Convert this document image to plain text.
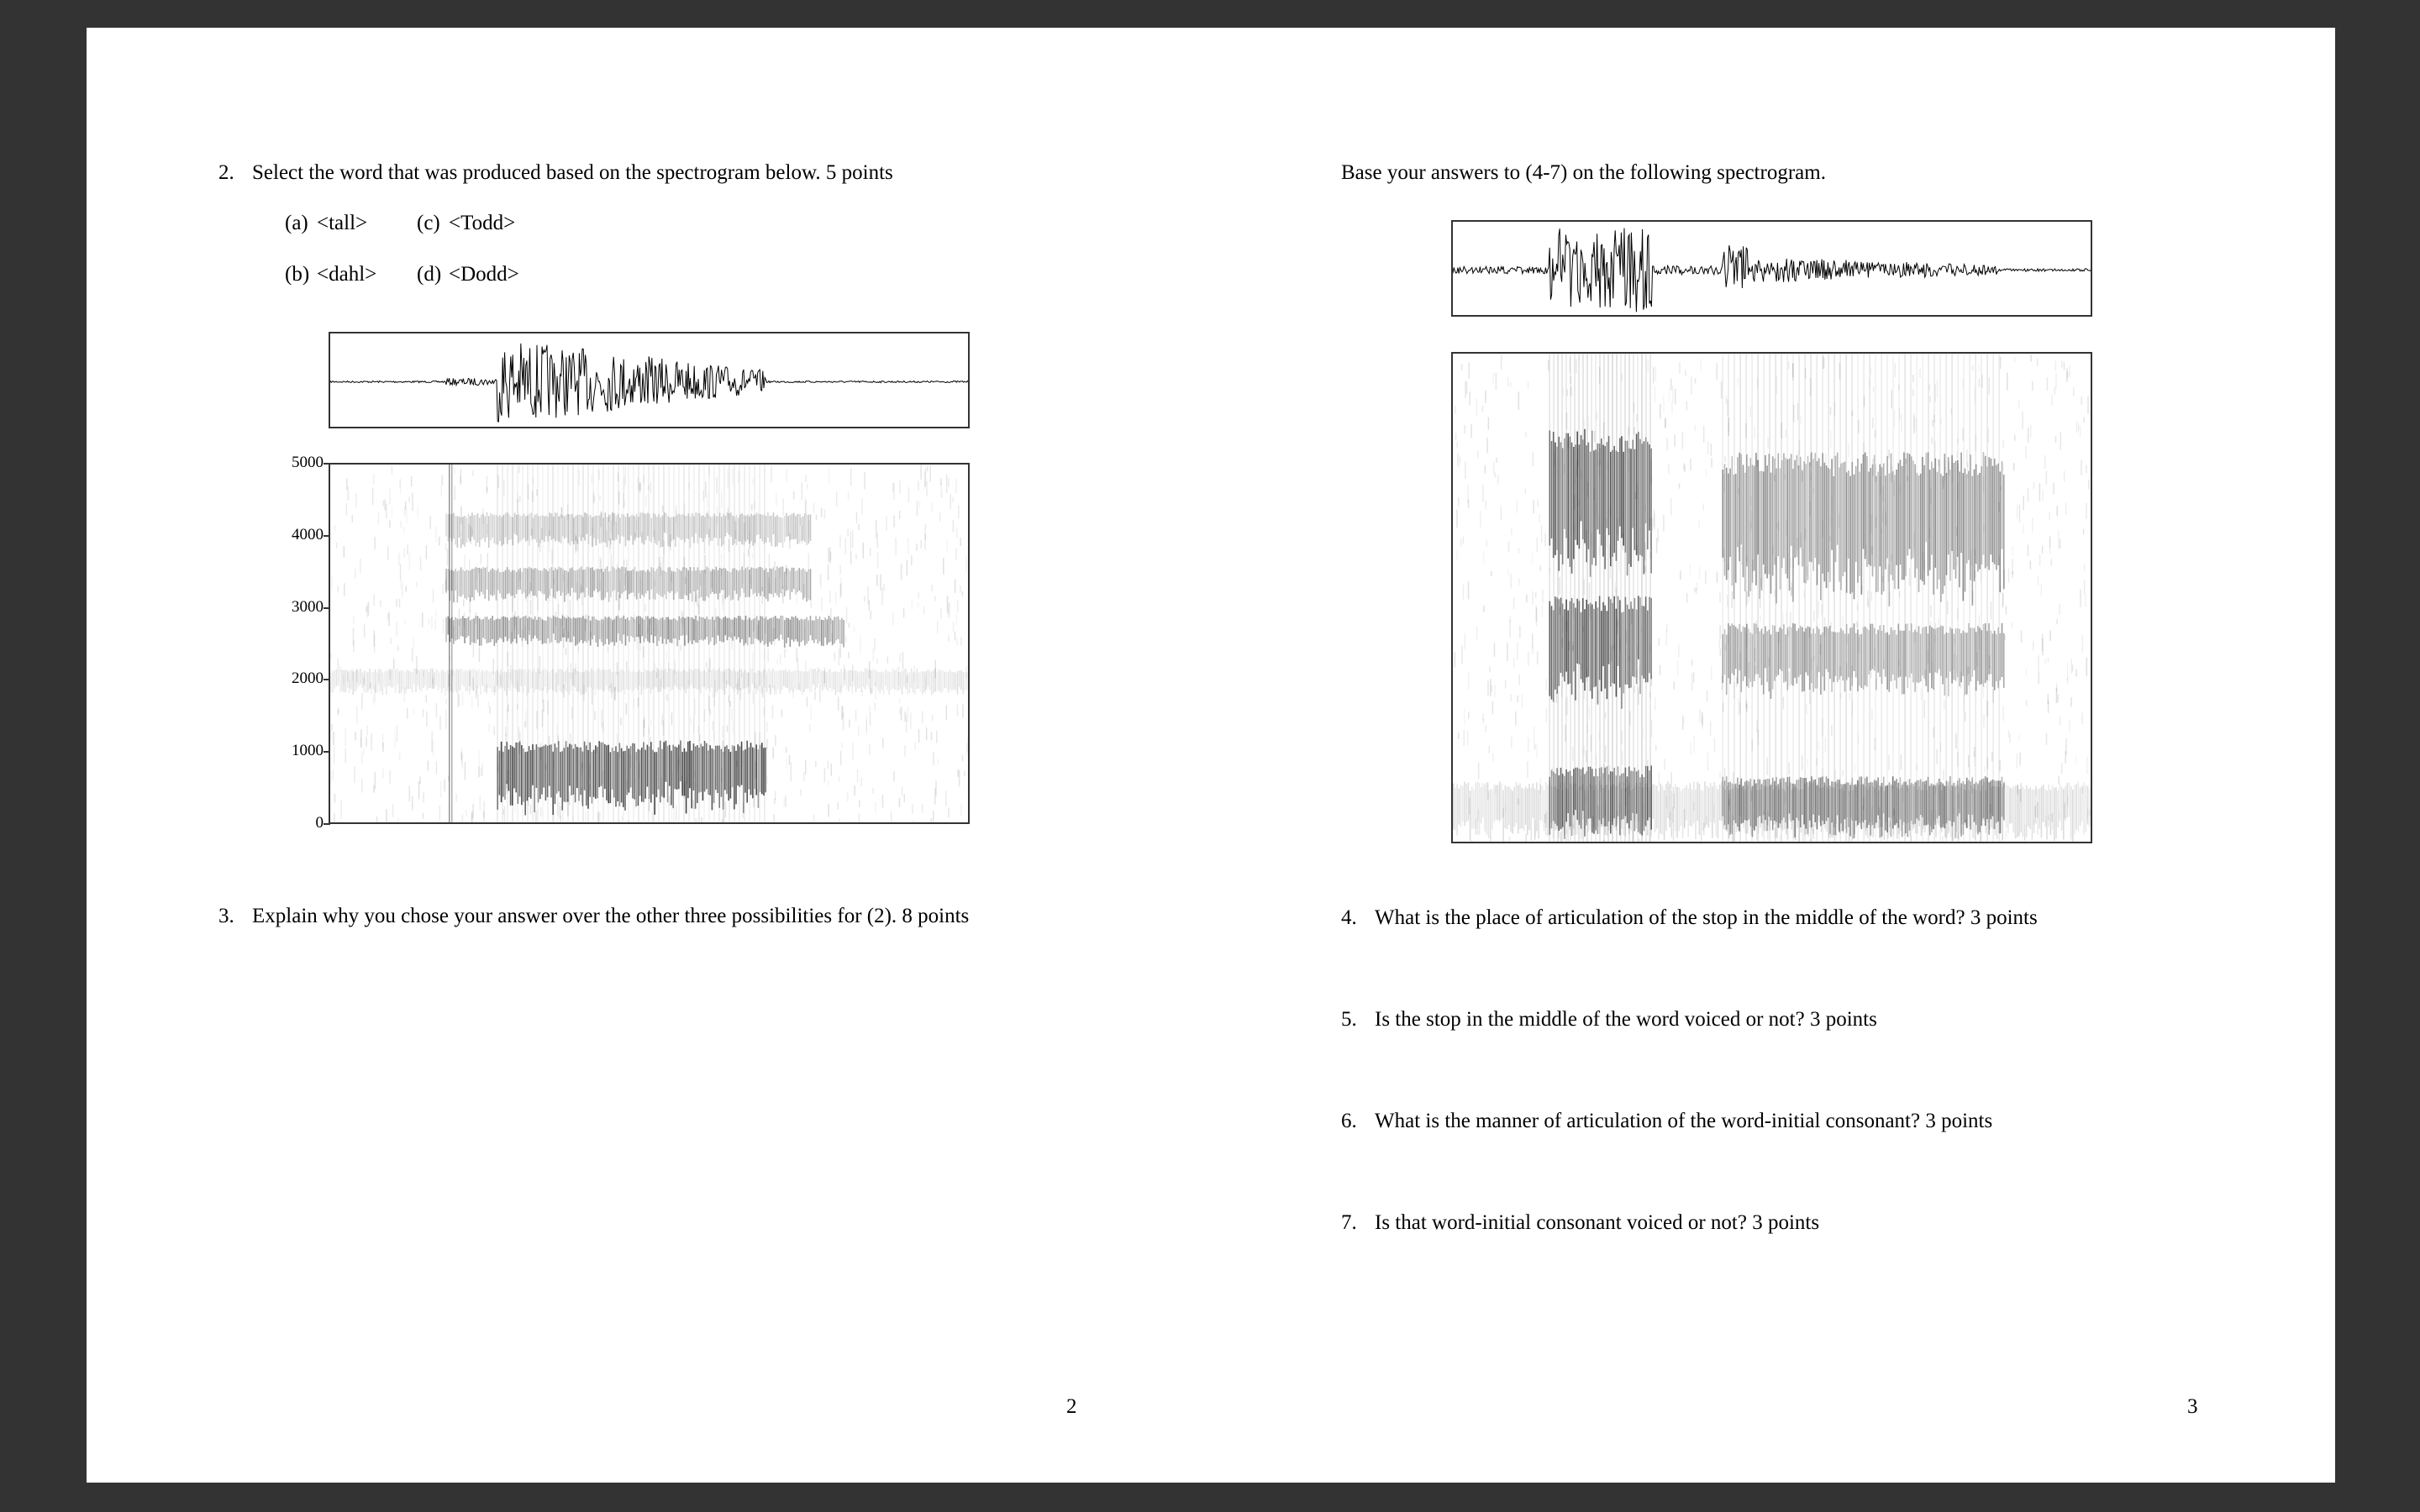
2. Select the word that was produced based on the spectrogram below. 5 points
(a) <tall> (c) <Todd>
(b) <dahl> (d) <Dodd>
5000
4000
3000
2000
1000
0
3. Explain why you chose your answer over the other three possibilities for (2). 8 points
2
Base your answers to (4-7) on the following spectrogram.
4. What is the place of articulation of the stop in the middle of the word? 3 points
5. Is the stop in the middle of the word voiced or not? 3 points
6. What is the manner of articulation of the word-initial consonant? 3 points
7. Is that word-initial consonant voiced or not? 3 points
3
